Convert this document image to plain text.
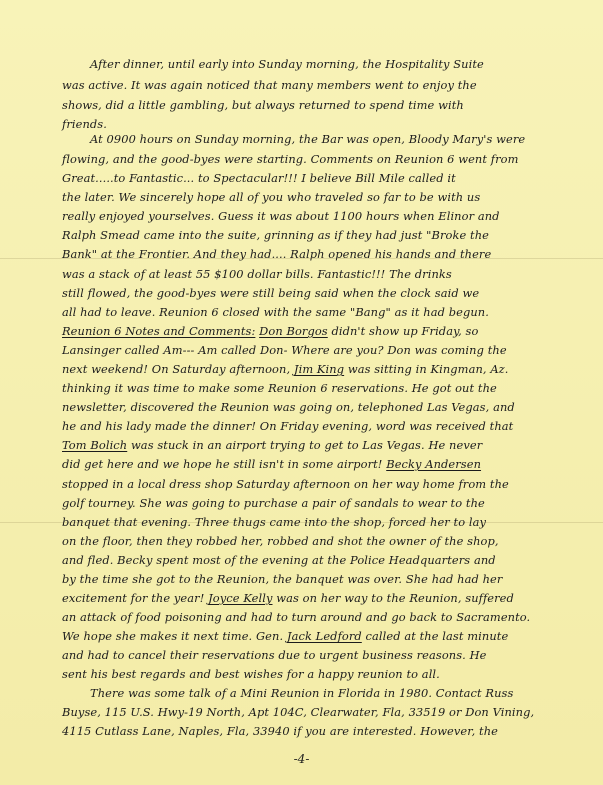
After dinner, until early into Sunday morning, the Hospitality Suite
was active. It was again noticed that many members went to enjoy the
shows, did a little gambling, but always returned to spend time with
friends.
At 0900 hours on Sunday morning, the Bar was open, Bloody Mary's were
flowing, and the good-byes were starting. Comments on Reunion 6 went from
Great.....to Fantastic... to Spectacular!!! I believe Bill Mile called it
the later. We sincerely hope all of you who traveled so far to be with us
really enjoyed yourselves. Guess it was about 1100 hours when Elinor and
Ralph Smead came into the suite, grinning as if they had just "Broke the
Bank" at the Frontier. And they had.... Ralph opened his hands and there
was a stack of at least 55 $100 dollar bills. Fantastic!!! The drinks
still flowed, the good-byes were still being said when the clock said we
all had to leave. Reunion 6 closed with the same "Bang" as it had begun.
Reunion 6 Notes and Comments: Don Borgos didn't show up Friday, so
Lansinger called Am--- Am called Don- Where are you? Don was coming the
next weekend! On Saturday afternoon, Jim King was sitting in Kingman, Az.
thinking it was time to make some Reunion 6 reservations. He got out the
newsletter, discovered the Reunion was going on, telephoned Las Vegas, and
he and his lady made the dinner! On Friday evening, word was received that
Tom Bolich was stuck in an airport trying to get to Las Vegas. He never
did get here and we hope he still isn't in some airport! Becky Andersen
stopped in a local dress shop Saturday afternoon on her way home from the
golf tourney. She was going to purchase a pair of sandals to wear to the
banquet that evening. Three thugs came into the shop, forced her to lay
on the floor, then they robbed her, robbed and shot the owner of the shop,
and fled. Becky spent most of the evening at the Police Headquarters and
by the time she got to the Reunion, the banquet was over. She had had her
excitement for the year! Joyce Kelly was on her way to the Reunion, suffered
an attack of food poisoning and had to turn around and go back to Sacramento.
We hope she makes it next time. Gen. Jack Ledford called at the last minute
and had to cancel their reservations due to urgent business reasons. He
sent his best regards and best wishes for a happy reunion to all.
There was some talk of a Mini Reunion in Florida in 1980. Contact Russ
Buyse, 115 U.S. Hwy-19 North, Apt 104C, Clearwater, Fla, 33519 or Don Vining,
4115 Cutlass Lane, Naples, Fla, 33940 if you are interested. However, the
-4-
